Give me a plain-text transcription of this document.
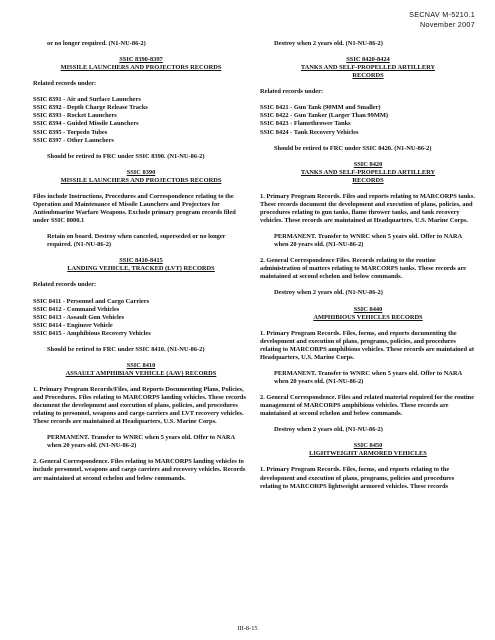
SECNAV M-5210.1
November 2007
or no longer required. (N1-NU-86-2)
SSIC 8390-8397
MISSILE LAUNCHERS AND PROJECTORS RECORDS
Related records under:
SSIC 8391 - Air and Surface Launchers
SSIC 8392 - Depth Charge Release Tracks
SSIC 8393 - Rocket Launchers
SSIC 8394 - Guided Missile Launchers
SSIC 8395 - Torpedo Tubes
SSIC 8397 - Other Launchers
Should be retired to FRC under SSIC 8390. (N1-NU-86-2)
SSIC 8390
MISSILE LAUNCHERS AND PROJECTORS RECORDS
Files include Instructions, Procedures and Correspondence relating to the Operation and Maintenance of Missile Launchers and Projectors for Antisubmarine Warfare Weapons. Exclude primary program records filed under SSIC 8000.1
Retain on board. Destroy when canceled, superseded or no longer required. (N1-NU-86-2)
SSIC 8410-8415
LANDING VEHICLE, TRACKED (LVT) RECORDS
Related records under:
SSIC 8411 - Personnel and Cargo Carriers
SSIC 8412 - Command Vehicles
SSIC 8413 - Assault Gun Vehicles
SSIC 8414 - Engineer Vehicle
SSIC 8415 - Amphibious Recovery Vehicles
Should be retired to FRC under SSIC 8410. (N1-NU-86-2)
SSIC 8410
ASSAULT AMPHIBIAN VEHICLE (AAV) RECORDS
1. Primary Program Records/Files, and Reports Documenting Plans, Policies, and Procedures. Files relating to MARCORPS landing vehicles. These records document the development and execution of plans, policies, and procedures relating to personnel, weapons and cargo carriers and LVT recovery vehicles. These records are maintained at Headquarters, U.S. Marine Corps.
PERMANENT. Transfer to WNRC when 5 years old. Offer to NARA when 20 years old. (N1-NU-86-2)
2. General Correspondence. Files relating to MARCORPS landing vehicles to include personnel, weapons and cargo carriers and recovery vehicles. Records are maintained at second echelon and below commands.
Destroy when 2 years old. (N1-NU-86-2)
SSIC 8420-8424
TANKS AND SELF-PROPELLED ARTILLERY
RECORDS
Related records under:
SSIC 8421 - Gun Tank (90MM and Smaller)
SSIC 8422 - Gun Tanker (Larger Than 99MM)
SSIC 8423 - Flamethrower Tanks
SSIC 8424 - Tank Recovery Vehicles
Should be retired to FRC under SSIC 8420. (N1-NU-86-2)
SSIC 8420
TANKS AND SELF-PROPELLED ARTILLERY
RECORDS
1. Primary Program Records. Files and reports relating to MARCORPS tanks. These records document the development and execution of plans, policies, and procedures relating to gun tanks, flame thrower tanks, and tank recovery vehicles. These records are maintained at Headquarters, U.S. Marine Corps.
PERMANENT. Transfer to WNRC when 5 years old. Offer to NARA when 20 years old. (N1-NU-86-2)
2. General Correspondence Files. Records relating to the routine administration of matters relating to MARCORPS tanks. These records are maintained at second echelon and below commands.
Destroy when 2 years old. (N1-NU-86-2)
SSIC 8440
AMPHIBIOUS VEHICLES RECORDS
1. Primary Program Records. Files, forms, and reports documenting the development and execution of plans, programs, policies, and procedures relating to MARCORPS amphibious vehicles. These records are maintained at Headquarters, U.S. Marine Corps.
PERMANENT. Transfer to WNRC when 5 years old. Offer to NARA when 20 years old. (N1-NU-86-2)
2. General Correspondence. Files and related material required for the routine management of MARCORPS amphibious vehicles. These records are maintained at second echelon and below commands.
Destroy when 2 years old. (N1-NU-86-2)
SSIC 8450
LIGHTWEIGHT ARMORED VEHICLES
1. Primary Program Records. Files, forms, and reports relating to the development and execution of plans, programs, policies and procedures relating to MARCORPS lightweight armored vehicles. These records
III-8-15
